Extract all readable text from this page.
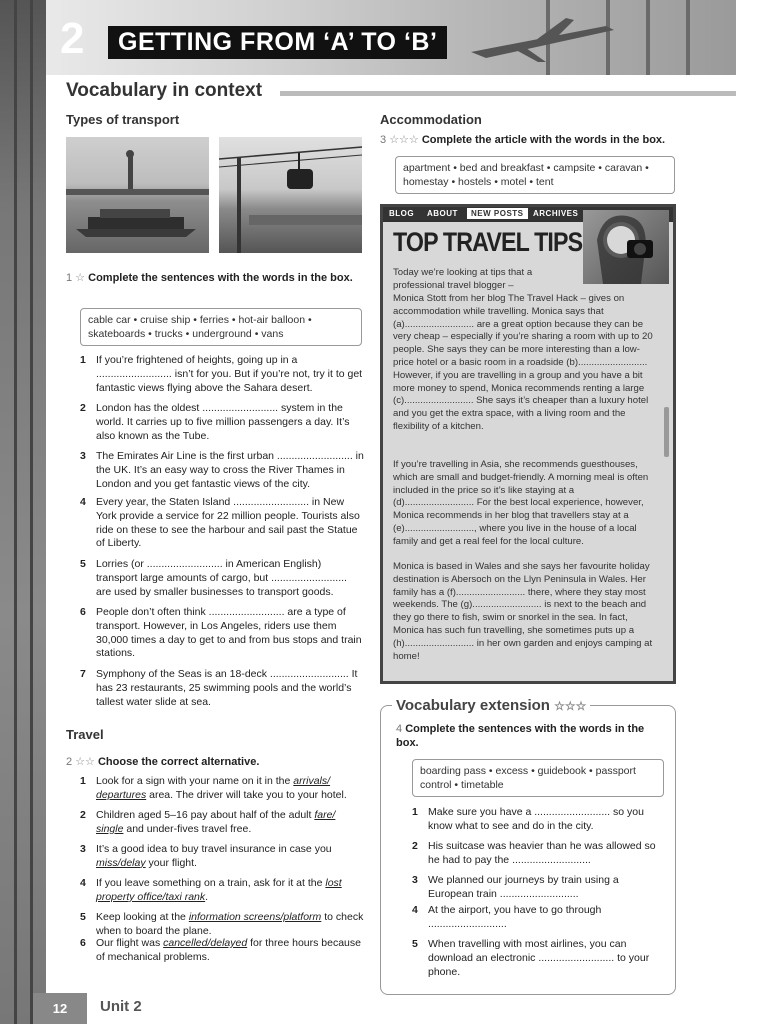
2	GETTING FROM ‘A’ TO ‘B’
Vocabulary in context
Types of transport
1 ☆ Complete the sentences with the words in the box.
cable car • cruise ship • ferries • hot-air balloon • skateboards • trucks • underground • vans
1 If you’re frightened of heights, going up in a .......................... isn’t for you. But if you’re not, try it to get fantastic views flying above the Sahara desert.
2 London has the oldest .......................... system in the world. It carries up to five million passengers a day. It’s also known as the Tube.
3 The Emirates Air Line is the first urban .......................... in the UK. It’s an easy way to cross the River Thames in London and you get fantastic views of the city.
4 Every year, the Staten Island .......................... in New York provide a service for 22 million people. Tourists also ride on these to see the harbour and sail past the Statue of Liberty.
5 Lorries (or .......................... in American English) transport large amounts of cargo, but .......................... are used by smaller businesses to transport goods.
6 People don’t often think .......................... are a type of transport. However, in Los Angeles, riders use them 30,000 times a day to get to and from bus stops and train stations.
7 Symphony of the Seas is an 18-deck ........................... It has 23 restaurants, 25 swimming pools and the world’s tallest water slide at sea.
Travel
2 ☆☆ Choose the correct alternative.
1 Look for a sign with your name on it in the arrivals/ departures area. The driver will take you to your hotel.
2 Children aged 5–16 pay about half of the adult fare/ single and under-fives travel free.
3 It’s a good idea to buy travel insurance in case you miss/delay your flight.
4 If you leave something on a train, ask for it at the lost property office/taxi rank.
5 Keep looking at the information screens/platform to check when to board the plane.
6 Our flight was cancelled/delayed for three hours because of mechanical problems.
Accommodation
3 ☆☆☆ Complete the article with the words in the box.
apartment • bed and breakfast • campsite • caravan • homestay • hostels • motel • tent
BLOG ABOUT	NEW POSTS	ARCHIVES
TOP TRAVEL TIPS
Today we’re looking at tips that a professional travel blogger –
Monica Stott from her blog The Travel Hack – gives on accommodation while travelling. Monica says that (a).......................... are a great option because they can be very cheap – especially if you’re sharing a room with up to 20 people. She says they can be more interesting than a low-price hotel or a basic room in a roadside (b).......................... However, if you are travelling in a group and you have a bit more money to spend, Monica recommends renting a large (c).......................... She says it’s cheaper than a luxury hotel and you get the extra space, with a living room and the flexibility of a kitchen.
If you’re travelling in Asia, she recommends guesthouses, which are small and budget-friendly. A morning meal is often included in the price so it’s like staying at a (d).......................... For the best local experience, however, Monica recommends in her blog that travellers stay at a (e).........................., where you live in the house of a local family and get a real feel for the local culture.
Monica is based in Wales and she says her favourite holiday destination is Abersoch on the Llyn Peninsula in Wales. Her family has a (f).......................... there, where they stay most weekends. The (g).......................... is next to the beach and they go there to fish, swim or snorkel in the sea. In fact, Monica has such fun travelling, she sometimes puts up a (h).......................... in her own garden and enjoys camping at home!
Vocabulary extension ☆☆☆
4 Complete the sentences with the words in the box.
boarding pass • excess • guidebook • passport control • timetable
1 Make sure you have a .......................... so you know what to see and do in the city.
2 His suitcase was heavier than he was allowed so he had to pay the ...........................
3 We planned our journeys by train using a European train ...........................
4 At the airport, you have to go through ...........................
5 When travelling with most airlines, you can download an electronic .......................... to your phone.
12	Unit 2
